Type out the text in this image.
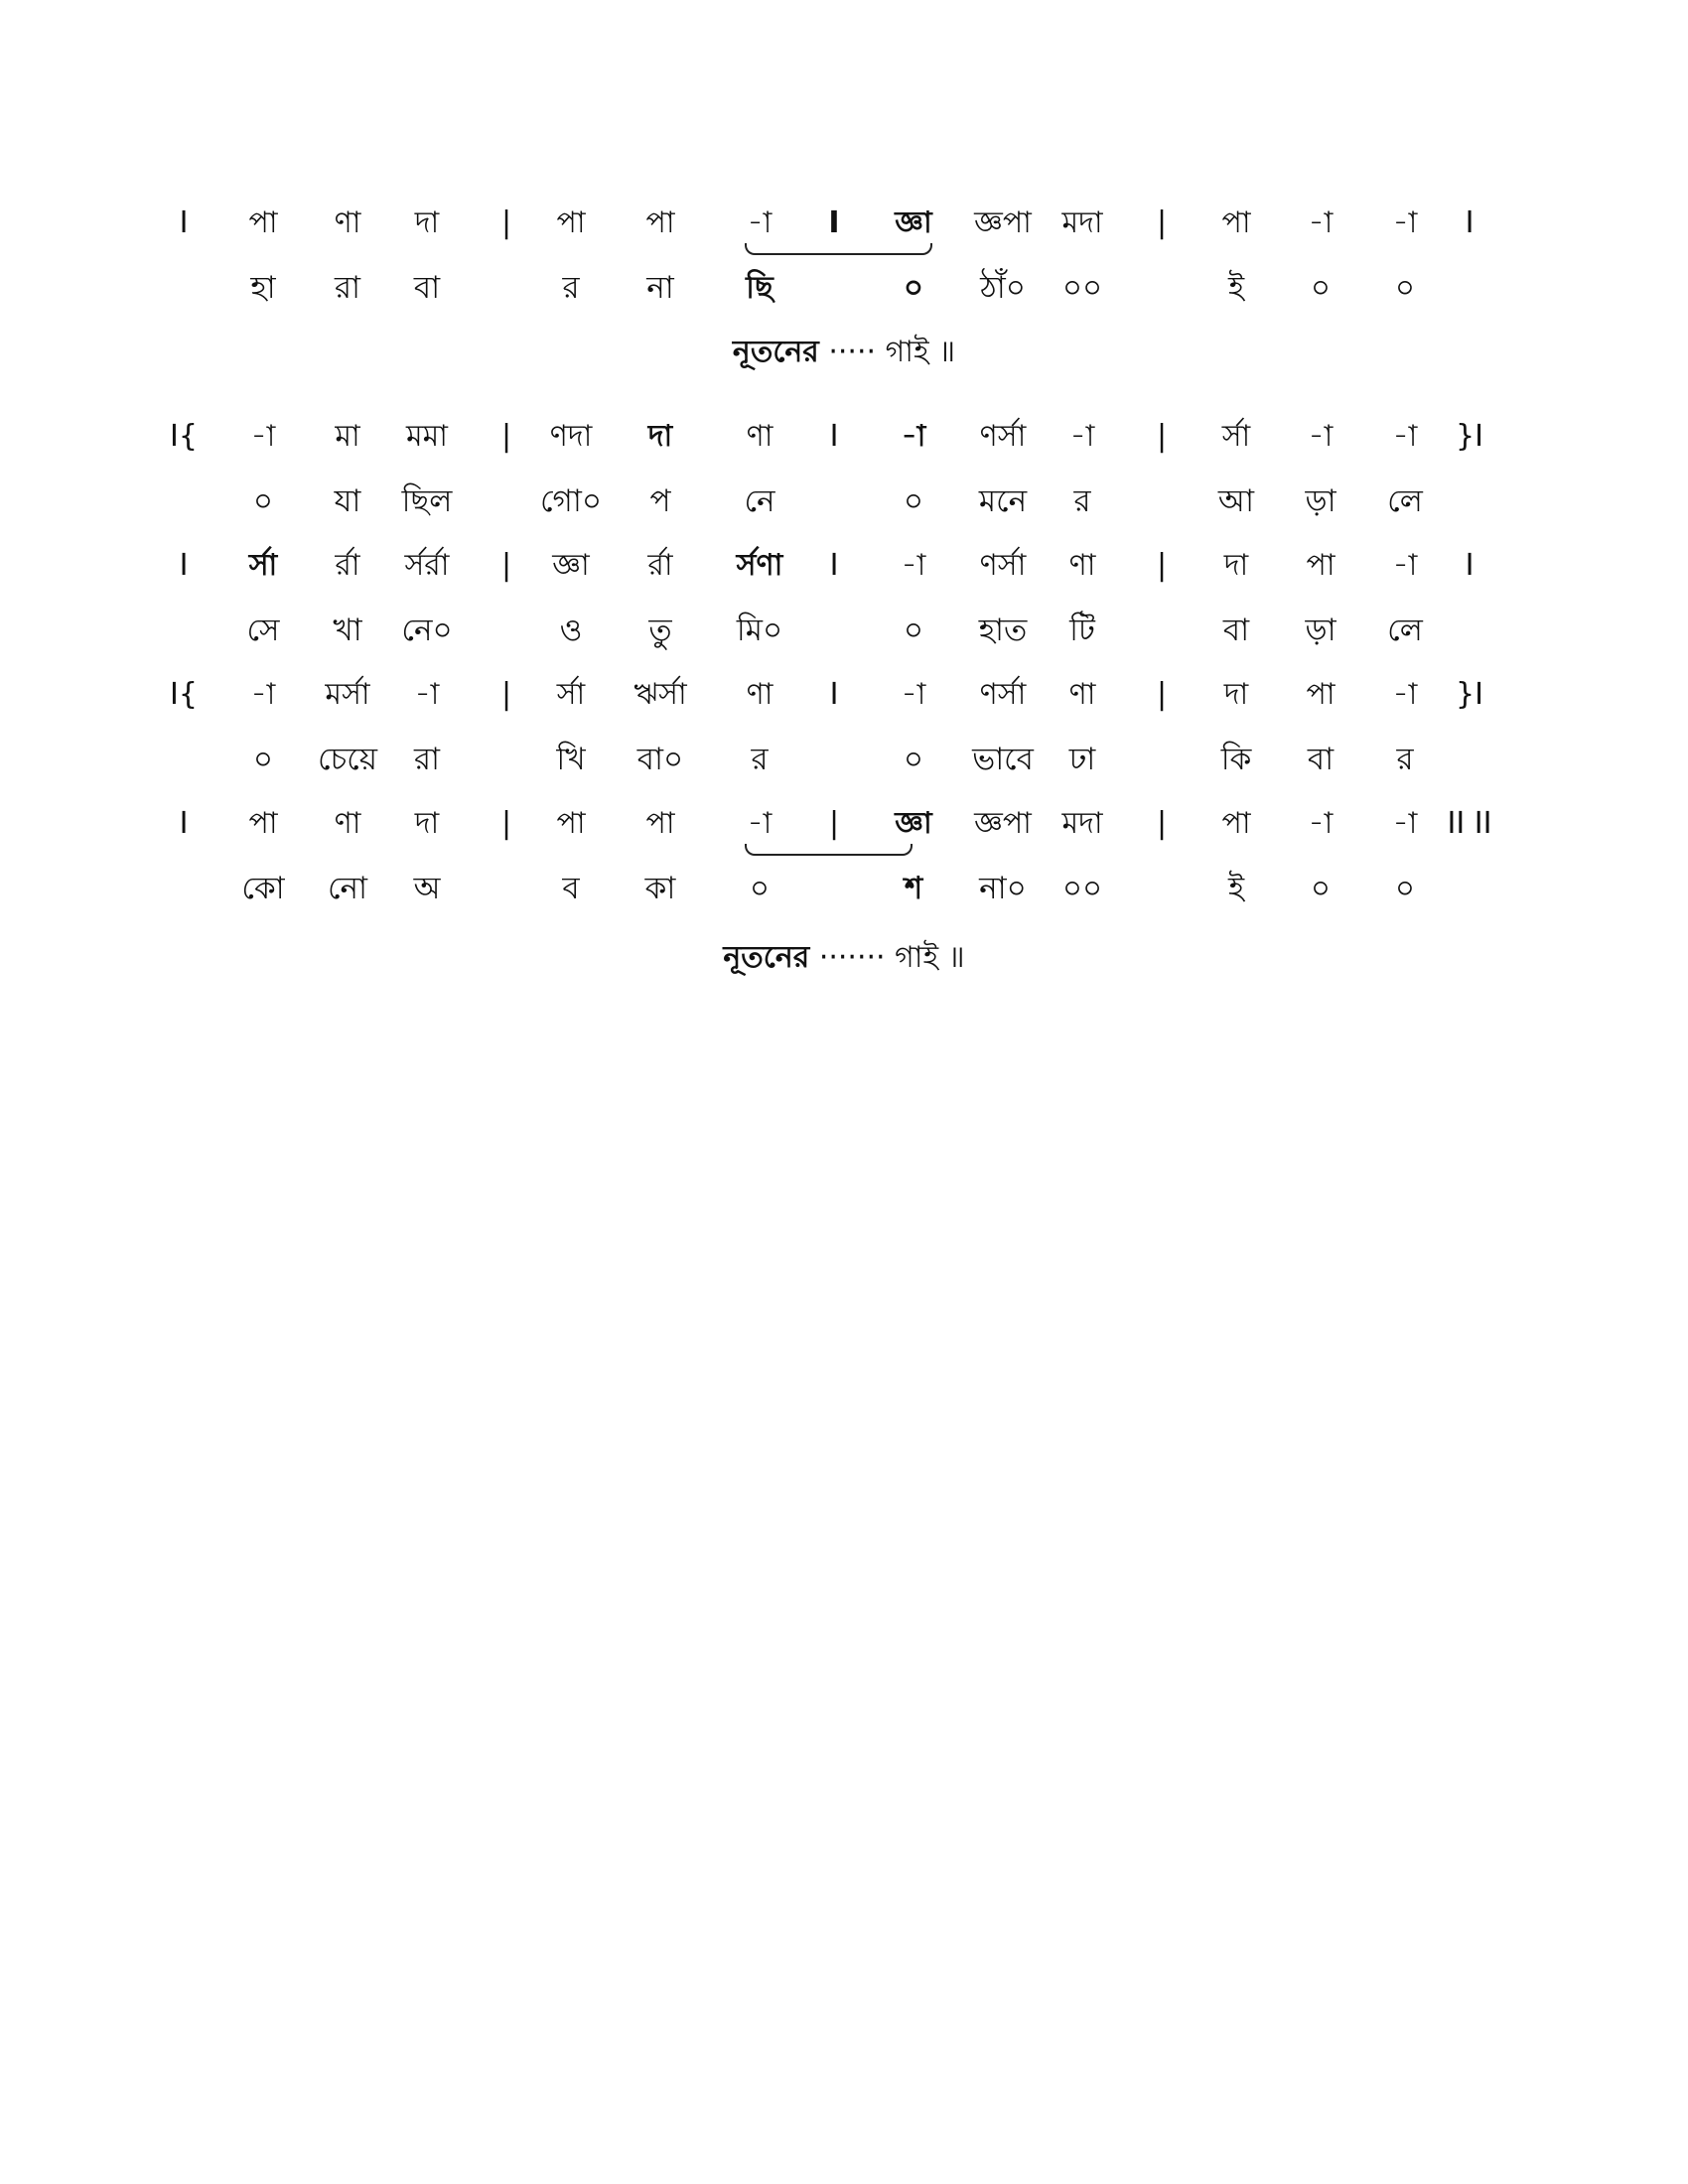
I পা ণা দা | পা পা -া I জ্ঞা জ্ঞপা মদা | পা -া -া I
হা রা বা	র না ছি	০ ঠাঁ০ ০০	ই ০ ০
নূতনের ····· গাই ॥
I{ -া মা মমা | ণদা দা ণা I -া ণর্সা -া | র্সা -া -া }I
০ যা ছিল	গো০ প নে	০ মনে র	আ ড়া লে
I র্সা র্রা র্সর্রা | জ্ঞা র্রা র্সণা I -া ণর্সা ণা | দা পা -া I
সে খা নে০	ও তু মি০	০ হাত টি	বা ড়া লে
I{ -া মর্সা -া | র্সা ঋর্সা ণা I -া ণর্সা ণা | দা পা -া }I
০ চেয়ে রা	খি বা০ র	০ ভাবে ঢা	কি বা র
I পা ণা দা | পা পা -া | জ্ঞা জ্ঞপা মদা | পা -া -া II II
কো নো অ	ব কা ০	শ না০ ০০	ই ০ ০
নূতনের ······· গাই ॥
